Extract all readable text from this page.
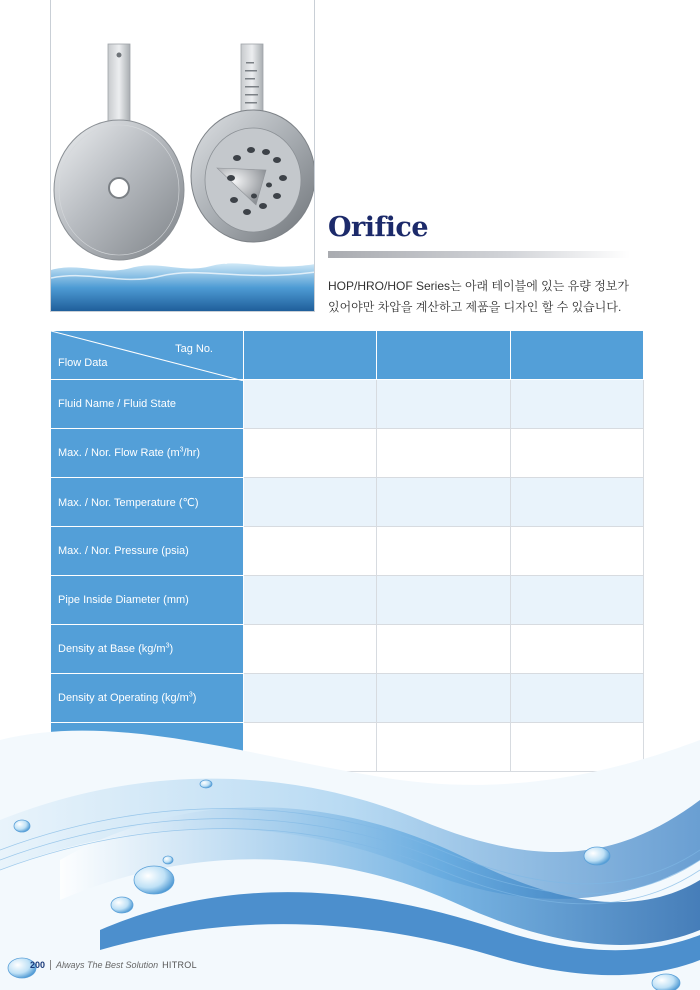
Orifice

HOP/HRO/HOF Series는 아래 테이블에 있는 유량 정보가

있어야만 차압을 계산하고 제품을 디자인 할 수 있습니다.

Tag No.
Flow Data			

Fluid Name / Fluid State			
Max. / Nor. Flow Rate $(m^3/hr)$			
Max. / Nor. Temperature (℃)			
Max. / Nor. Pressure (psia)			
Pipe Inside Diameter (mm)			
Density at Base $(kg/m^3)$			
Density at Operating $(kg/m^3)$			

200 Always The Best Solution HITROL
